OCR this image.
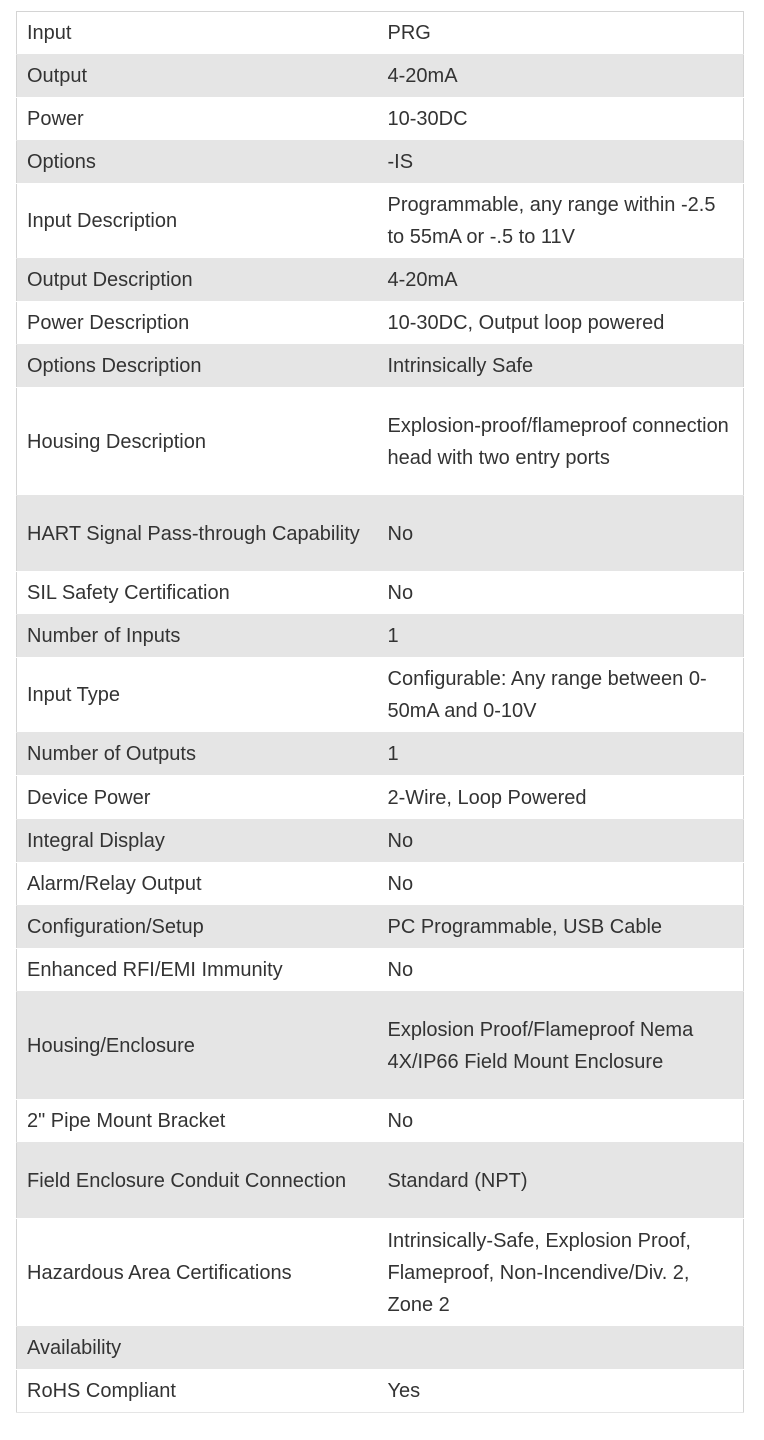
Input	PRG
Output	4-20mA
Power	10-30DC
Options	-IS
Input Description	Programmable, any range within -2.5 to 55mA or -.5 to 11V
Output Description	4-20mA
Power Description	10-30DC, Output loop powered
Options Description	Intrinsically Safe
Housing Description	Explosion-proof/flameproof connection head with two entry ports
HART Signal Pass-through Capability	No
SIL Safety Certification	No
Number of Inputs	1
Input Type	Configurable: Any range between 0-50mA and 0-10V
Number of Outputs	1
Device Power	2-Wire, Loop Powered
Integral Display	No
Alarm/Relay Output	No
Configuration/Setup	PC Programmable, USB Cable
Enhanced RFI/EMI Immunity	No
Housing/Enclosure	Explosion Proof/Flameproof Nema 4X/IP66 Field Mount Enclosure
2" Pipe Mount Bracket	No
Field Enclosure Conduit Connection	Standard (NPT)
Hazardous Area Certifications	Intrinsically-Safe, Explosion Proof, Flameproof, Non-Incendive/Div. 2, Zone 2
Availability	
RoHS Compliant	Yes
